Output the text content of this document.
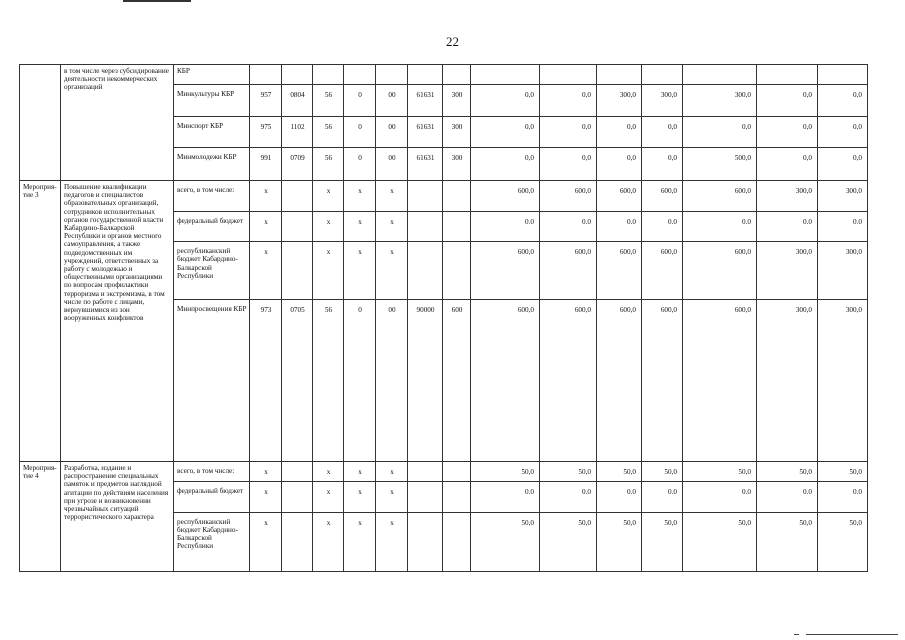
22
	в том числе через субсидирование деятельности некоммерческих организаций	КБР														
		Минкультуры КБР	957	0804	56	0	00	61631	300	0,0	0,0	300,0	300,0	300,0	0,0	0,0
		Минспорт КБР	975	1102	56	0	00	61631	300	0,0	0,0	0,0	0,0	0,0	0,0	0,0
		Минмолодежи КБР	991	0709	56	0	00	61631	300	0,0	0,0	0,0	0,0	500,0	0,0	0,0
Мероприя-тие 3	Повышение квалификации педагогов и специалистов образовательных организаций, сотрудников исполнительных органов государственной власти Кабардино-Балкарской Республики и органов местного самоуправления, а также подведомственных им учреждений, ответственных за работу с молодежью и общественными организациями по вопросам профилактики терроризма и экстремизма, в том числе по работе с лицами, вернувшимися из зон вооруженных конфликтов	всего, в том числе:	x		x	x	x			600,0	600,0	600,0	600,0	600,0	300,0	300,0
		федеральный бюджет	x		x	x	x			0.0	0.0	0.0	0.0	0.0	0.0	0.0
		республиканский бюджет Кабардино-Балкарской Республики	x		x	x	x			600,0	600,0	600,0	600,0	600,0	300,0	300,0
		Минпросвещения КБР	973	0705	56	0	00	90000	600	600,0	600,0	600,0	600,0	600,0	300,0	300,0
Мероприя-тие 4	Разработка, издание и распространение специальных памяток и предметов наглядной агитации по действиям населения при угрозе и возникновении чрезвычайных ситуаций террористического характера	всего, в том числе:	x		x	x	x			50,0	50,0	50,0	50,0	50,0	50,0	50,0
		федеральный бюджет	x		x	x	x			0.0	0.0	0.0	0.0	0.0	0.0	0.0
		республиканский бюджет Кабардино-Балкарской Республики	x		x	x	x			50,0	50,0	50,0	50,0	50,0	50,0	50,0
